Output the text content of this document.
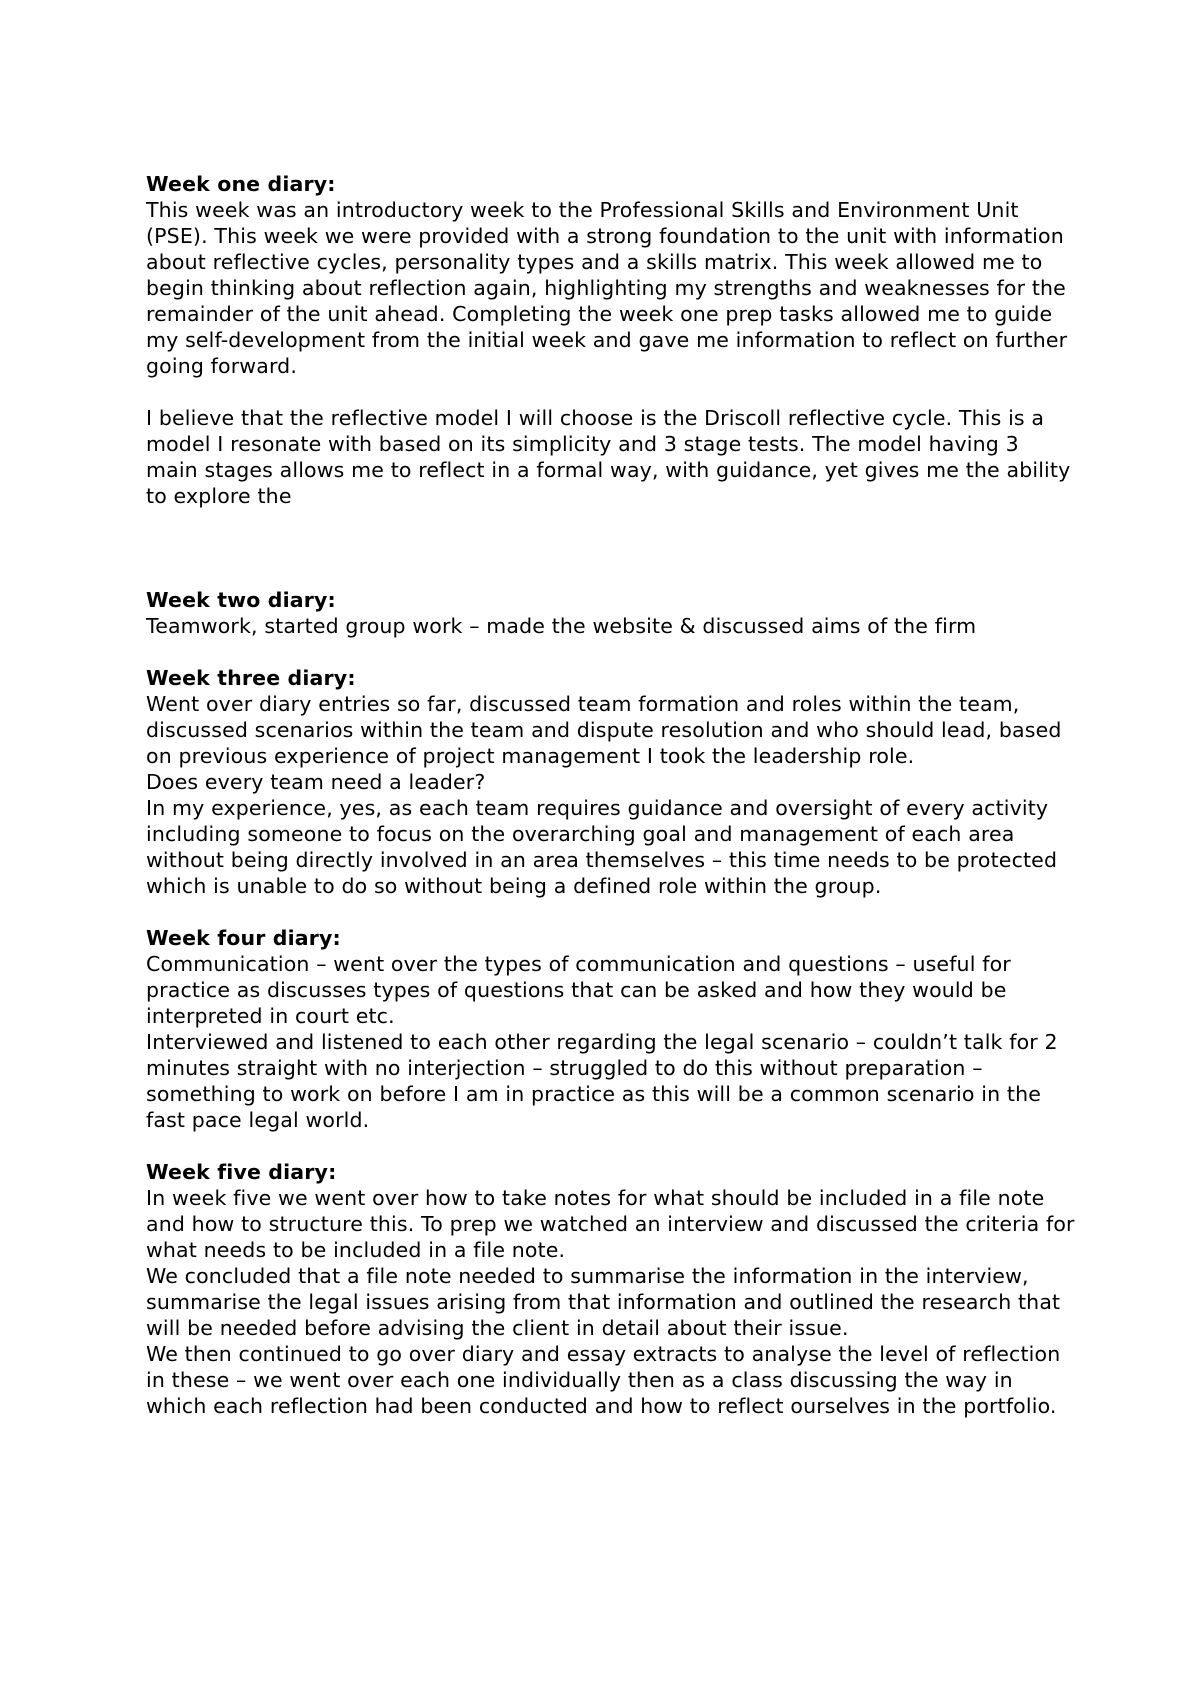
Week one diary:

This week was an introductory week to the Professional Skills and Environment Unit (PSE). This week we were provided with a strong foundation to the unit with information about reflective cycles, personality types and a skills matrix. This week allowed me to begin thinking about reflection again, highlighting my strengths and weaknesses for the remainder of the unit ahead. Completing the week one prep tasks allowed me to guide my self-development from the initial week and gave me information to reflect on further going forward.

I believe that the reflective model I will choose is the Driscoll reflective cycle. This is a model I resonate with based on its simplicity and 3 stage tests. The model having 3 main stages allows me to reflect in a formal way, with guidance, yet gives me the ability to explore the

Week two diary:

Teamwork, started group work – made the website & discussed aims of the firm

Week three diary:

Went over diary entries so far, discussed team formation and roles within the team, discussed scenarios within the team and dispute resolution and who should lead, based on previous experience of project management I took the leadership role.

Does every team need a leader?

In my experience, yes, as each team requires guidance and oversight of every activity including someone to focus on the overarching goal and management of each area without being directly involved in an area themselves – this time needs to be protected which is unable to do so without being a defined role within the group.

Week four diary:

Communication – went over the types of communication and questions – useful for practice as discusses types of questions that can be asked and how they would be interpreted in court etc.

Interviewed and listened to each other regarding the legal scenario – couldn’t talk for 2 minutes straight with no interjection – struggled to do this without preparation – something to work on before I am in practice as this will be a common scenario in the fast pace legal world.

Week five diary:

In week five we went over how to take notes for what should be included in a file note and how to structure this. To prep we watched an interview and discussed the criteria for what needs to be included in a file note.

We concluded that a file note needed to summarise the information in the interview, summarise the legal issues arising from that information and outlined the research that will be needed before advising the client in detail about their issue.

We then continued to go over diary and essay extracts to analyse the level of reflection in these – we went over each one individually then as a class discussing the way in which each reflection had been conducted and how to reflect ourselves in the portfolio.
